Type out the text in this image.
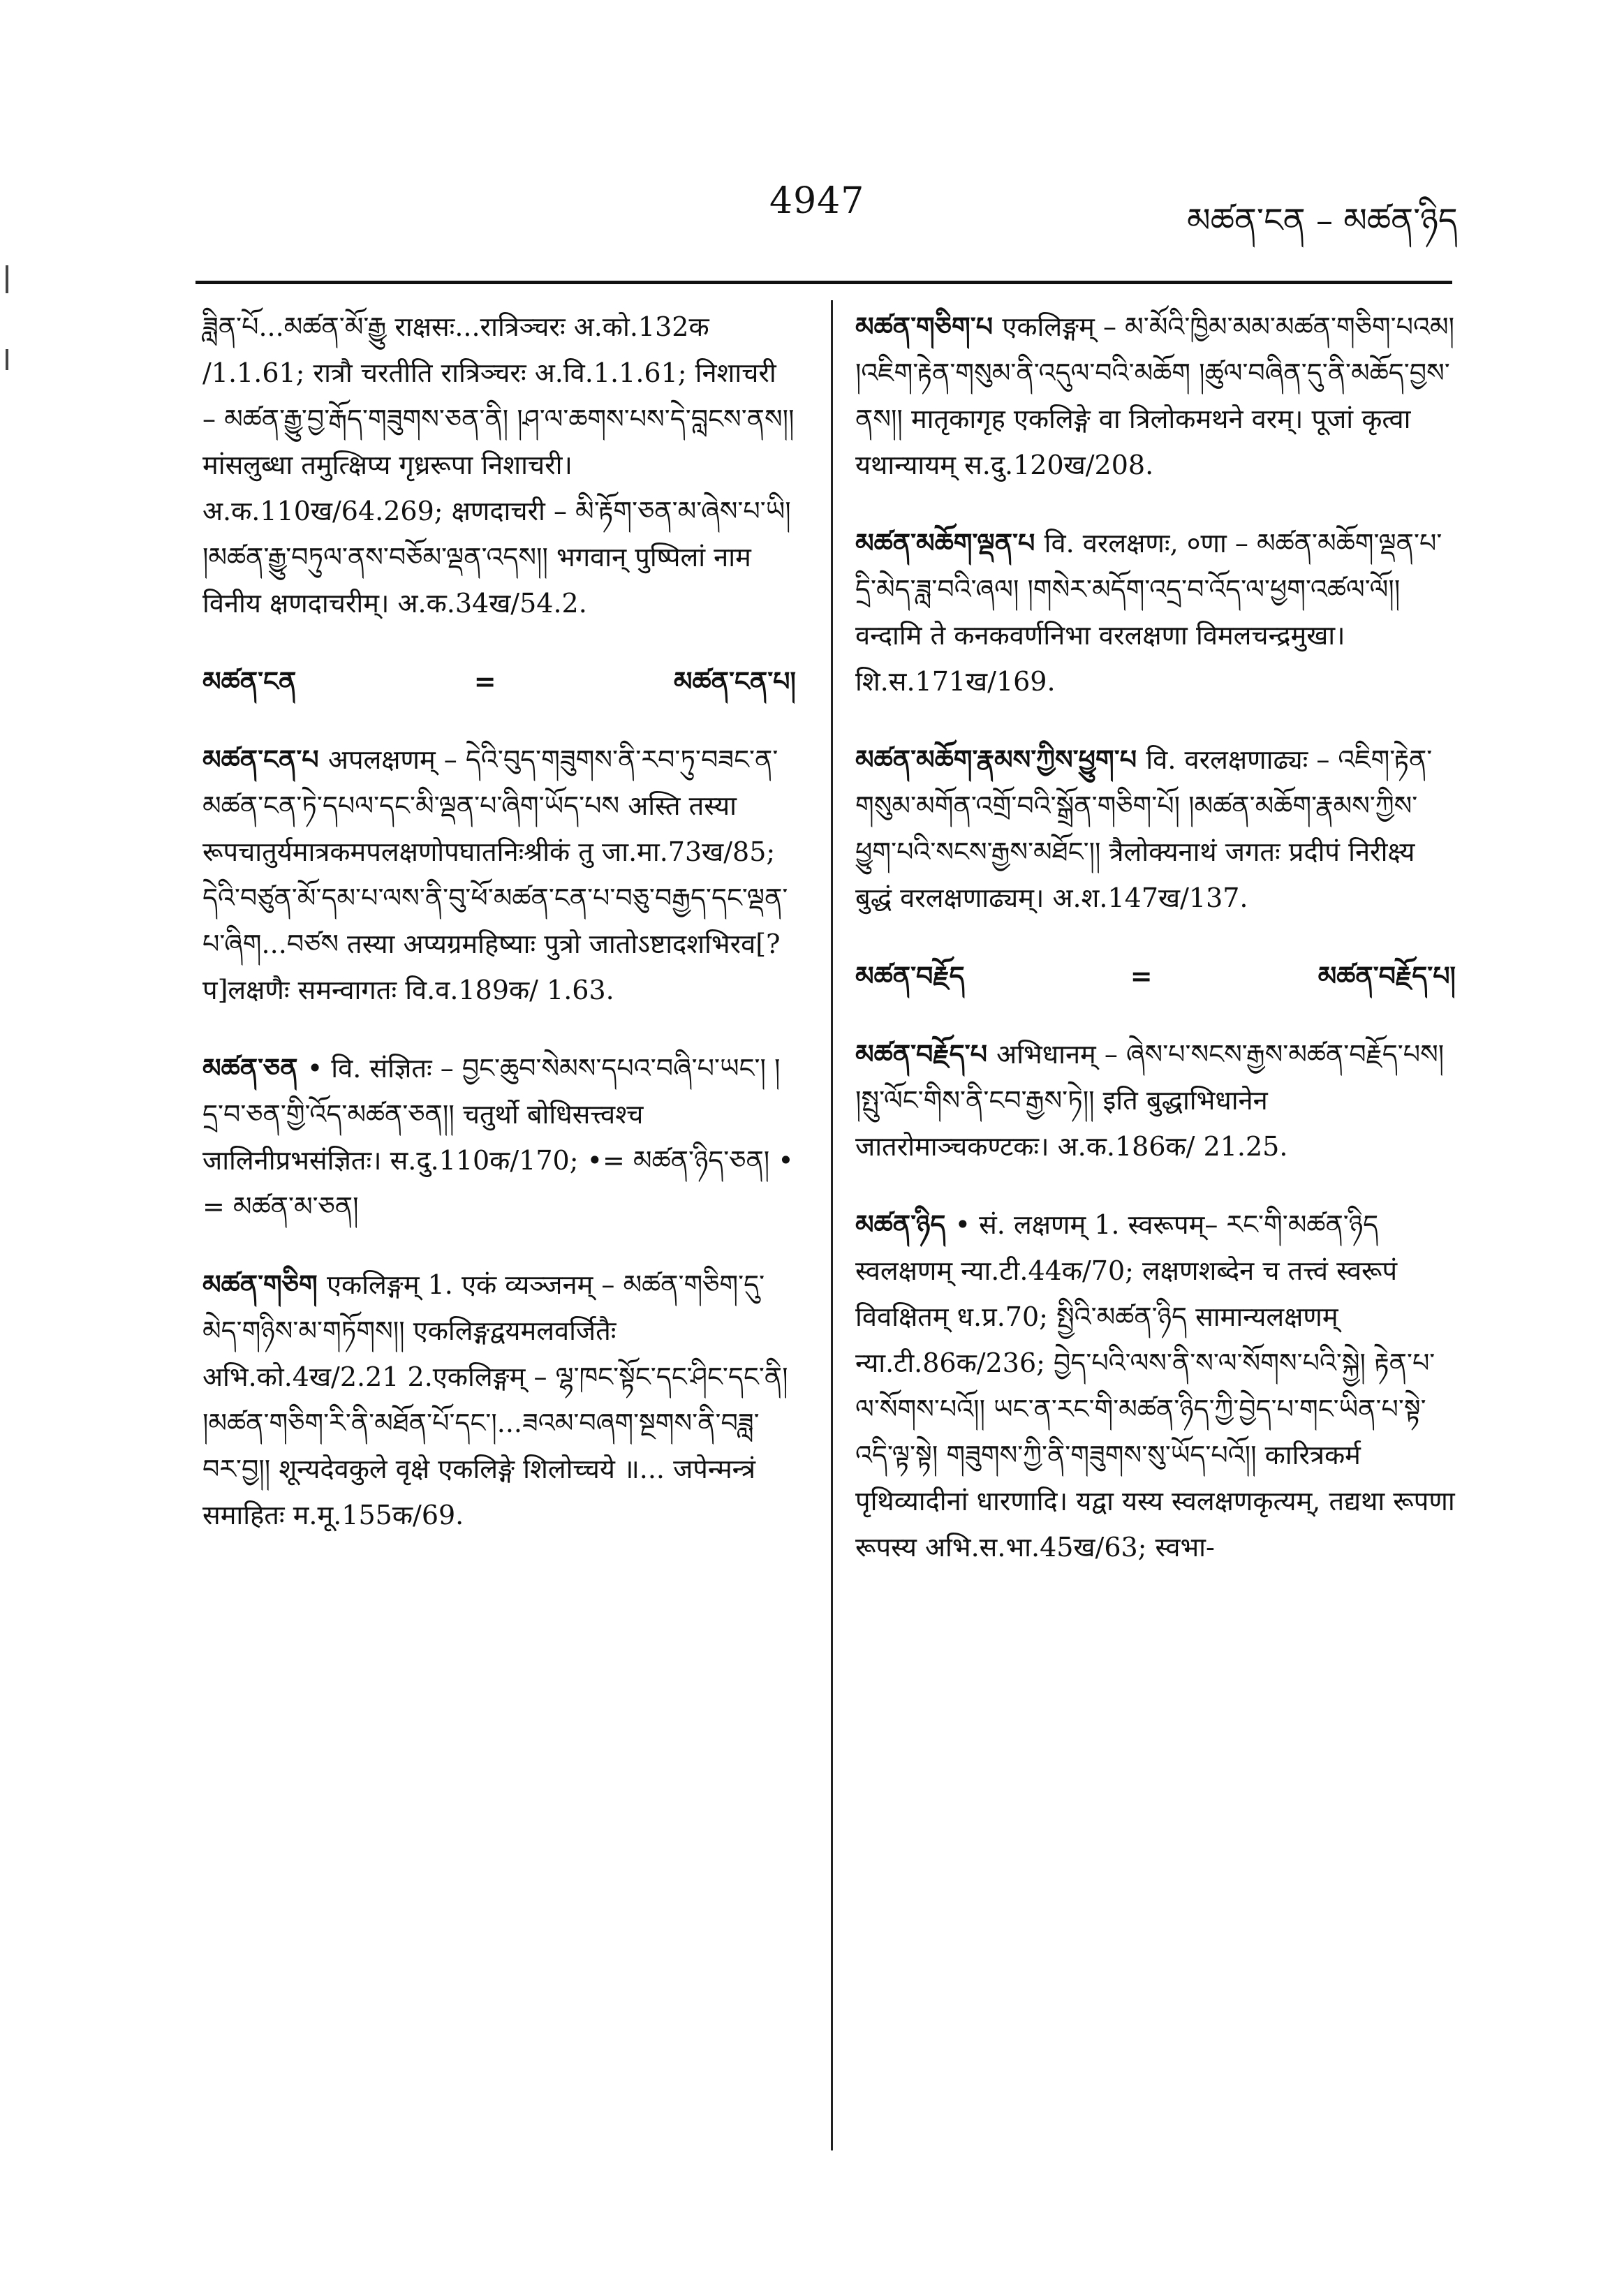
4947	མཚན་ངན – མཚན་ཉིད
ཟླིན་པོ...མཚན་མོ་རྒྱུ राक्षसः...रात्रिञ्चरः अ.को.132क /1.1.61; रात्रौ चरतीति रात्रिञ्चरः अ.वि.1.1.61; निशाचरी – མཚན་རྒྱུ་བྱ་རྒོད་གཟུགས་ཅན་ནི། །ཤ་ལ་ཆགས་པས་དེ་བླངས་ནས།། मांसलुब्धा तमुत्क्षिप्य गृध्ररूपा निशाचरी। अ.क.110ख/64.269; क्षणदाचरी – མི་རྟོག་ཅན་མ་ཞེས་པ་ཡི། །མཚན་རྒྱུ་བཏུལ་ནས་བཅོམ་ལྡན་འདས།། भगवान् पुष्पिलां नाम विनीय क्षणदाचरीम्। अ.क.34ख/54.2.
མཚན་ངན	=	མཚན་ངན་པ།
མཚན་ངན་པ अपलक्षणम् – དེའི་བུད་གཟུགས་ནི་རབ་ཏུ་བཟང་ན་མཚན་ངན་ཏེ་དཔལ་དང་མི་ལྡན་པ་ཞིག་ཡོད་པས अस्ति तस्या रूपचातुर्यमात्रकमपलक्षणोपघातनिःश्रीकं तु जा.मा.73ख/85; དེའི་བཙུན་མོ་དམ་པ་ལས་ནི་བུ་ཕོ་མཚན་ངན་པ་བཅུ་བརྒྱད་དང་ལྡན་པ་ཞིག...བཙས तस्या अप्यग्रमहिष्याः पुत्रो जातोऽष्टादशभिरव[?प]लक्षणैः समन्वागतः वि.व.189क/ 1.63.
མཚན་ཅན • वि. संज्ञितः – བྱང་ཆུབ་སེམས་དཔའ་བཞི་པ་ཡང་། །དྲ་བ་ཅན་གྱི་འོད་མཚན་ཅན།། चतुर्थो बोधिसत्त्वश्च जालिनीप्रभसंज्ञितः। स.दु.110क/170; •= མཚན་ཉིད་ཅན། • = མཚན་མ་ཅན།
མཚན་གཅིག एकलिङ्गम् 1. एकं व्यञ्जनम् – མཚན་གཅིག་དུ་མེད་གཉིས་མ་གཏོགས།། एकलिङ्गद्वयमलवर्जितैः अभि.को.4ख/2.21 2.एकलिङ्गम् – ལྷ་ཁང་སྟོང་དང་ཤིང་དང་ནི། །མཚན་གཅིག་རི་ནི་མཐོན་པོ་དང་།...ཟའམ་བཞག་སྔགས་ནི་བཟླ་བར་བྱ།། शून्यदेवकुले वृक्षे एकलिङ्गे शिलोच्चये ॥... जपेन्मन्त्रं समाहितः म.मू.155क/69.
མཚན་གཅིག་པ एकलिङ्गम् – མ་མོའི་ཁྱིམ་མམ་མཚན་གཅིག་པའམ། །འཇིག་རྟེན་གསུམ་ནི་འདུལ་བའི་མཆོག །ཚུལ་བཞིན་དུ་ནི་མཆོད་བྱས་ནས།། मातृकागृह एकलिङ्गे वा त्रिलोकमथने वरम्। पूजां कृत्वा यथान्यायम् स.दु.120ख/208.
མཚན་མཆོག་ལྡན་པ वि. वरलक्षणः, ०णा – མཚན་མཆོག་ལྡན་པ་དྲི་མེད་ཟླ་བའི་ཞལ། །གསེར་མདོག་འདྲ་བ་འོད་ལ་ཕྱག་འཚལ་ལོ།། वन्दामि ते कनकवर्णनिभा वरलक्षणा विमलचन्द्रमुखा। शि.स.171ख/169.
མཚན་མཆོག་རྣམས་ཀྱིས་ཕྱུག་པ वि. वरलक्षणाढ्यः – འཇིག་རྟེན་གསུམ་མགོན་འགྲོ་བའི་སྒྲོན་གཅིག་པོ། །མཚན་མཆོག་རྣམས་ཀྱིས་ཕྱུག་པའི་སངས་རྒྱས་མཐོང་།། त्रैलोक्यनाथं जगतः प्रदीपं निरीक्ष्य बुद्धं वरलक्षणाढ्यम्। अ.श.147ख/137.
མཚན་བརྗོད	=	མཚན་བརྗོད་པ།
མཚན་བརྗོད་པ अभिधानम् – ཞེས་པ་སངས་རྒྱས་མཚན་བརྗོད་པས། །སྤུ་ལོང་གིས་ནི་ངབ་རྒྱས་ཏེ།། इति बुद्धाभिधानेन जातरोमाञ्चकण्टकः। अ.क.186क/ 21.25.
མཚན་ཉིད • सं. लक्षणम् 1. स्वरूपम्– རང་གི་མཚན་ཉིད स्वलक्षणम् न्या.टी.44क/70; लक्षणशब्देन च तत्त्वं स्वरूपं विवक्षितम् ध.प्र.70; སྤྱིའི་མཚན་ཉིད सामान्यलक्षणम् न्या.टी.86क/236; བྱེད་པའི་ལས་ནི་ས་ལ་སོགས་པའི་སྐྱེ། རྟེན་པ་ལ་སོགས་པའོ།། ཡང་ན་རང་གི་མཚན་ཉིད་ཀྱི་བྱེད་པ་གང་ཡིན་པ་སྟེ་འདི་ལྟ་སྟེ། གཟུགས་ཀྱི་ནི་གཟུགས་སུ་ཡོད་པའོ།། कारित्रकर्म पृथिव्यादीनां धारणादि। यद्वा यस्य स्वलक्षणकृत्यम्, तद्यथा रूपणा रूपस्य अभि.स.भा.45ख/63; स्वभा-
